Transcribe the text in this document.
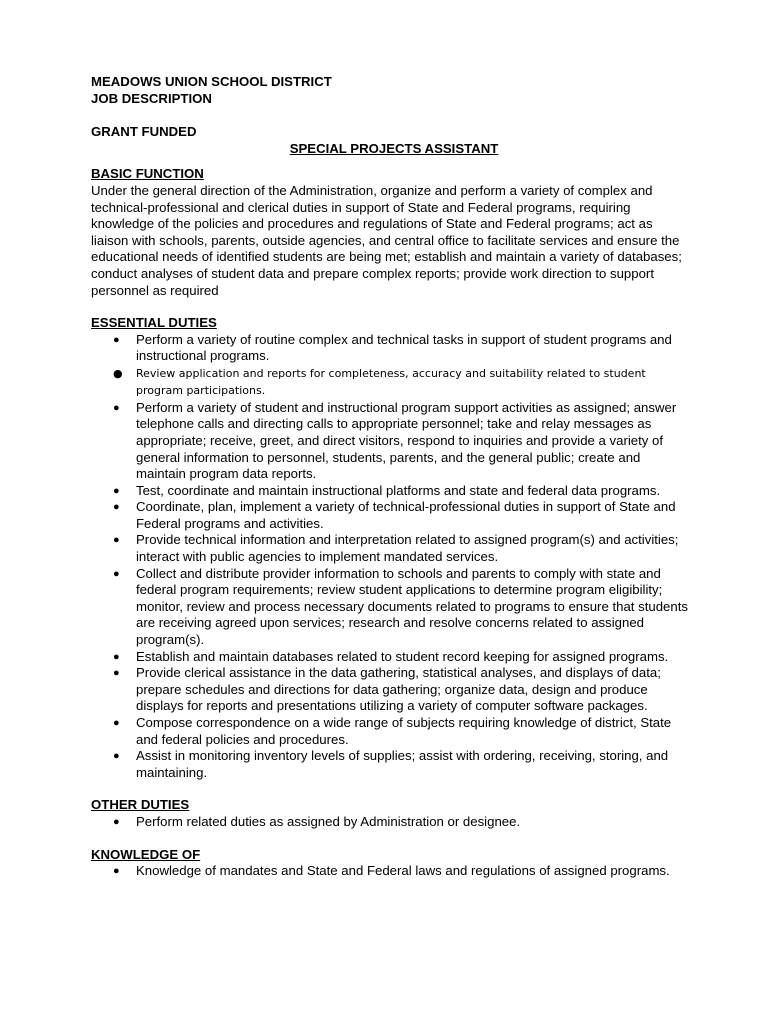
MEADOWS UNION SCHOOL DISTRICT

JOB DESCRIPTION

GRANT FUNDED

SPECIAL PROJECTS ASSISTANT

BASIC FUNCTION

Under the general direction of the Administration, organize and perform a variety of complex and technical-professional and clerical duties in support of State and Federal programs, requiring knowledge of the policies and procedures and regulations of State and Federal programs; act as liaison with schools, parents, outside agencies, and central office to facilitate services and ensure the educational needs of identified students are being met; establish and maintain a variety of databases; conduct analyses of student data and prepare complex reports; provide work direction to support personnel as required

ESSENTIAL DUTIES

● Perform a variety of routine complex and technical tasks in support of student programs and instructional programs.
● Review application and reports for completeness, accuracy and suitability related to student program participations.
● Perform a variety of student and instructional program support activities as assigned; answer telephone calls and directing calls to appropriate personnel; take and relay messages as appropriate; receive, greet, and direct visitors, respond to inquiries and provide a variety of general information to personnel, students, parents, and the general public; create and maintain program data reports.
● Test, coordinate and maintain instructional platforms and state and federal data programs.
● Coordinate, plan, implement a variety of technical-professional duties in support of State and Federal programs and activities.
● Provide technical information and interpretation related to assigned program(s) and activities; interact with public agencies to implement mandated services.
● Collect and distribute provider information to schools and parents to comply with state and federal program requirements; review student applications to determine program eligibility; monitor, review and process necessary documents related to programs to ensure that students are receiving agreed upon services; research and resolve concerns related to assigned program(s).
● Establish and maintain databases related to student record keeping for assigned programs.
● Provide clerical assistance in the data gathering, statistical analyses, and displays of data; prepare schedules and directions for data gathering; organize data, design and produce displays for reports and presentations utilizing a variety of computer software packages.
● Compose correspondence on a wide range of subjects requiring knowledge of district, State and federal policies and procedures.
● Assist in monitoring inventory levels of supplies; assist with ordering, receiving, storing, and maintaining.

OTHER DUTIES

● Perform related duties as assigned by Administration or designee.

KNOWLEDGE OF

● Knowledge of mandates and State and Federal laws and regulations of assigned programs.
